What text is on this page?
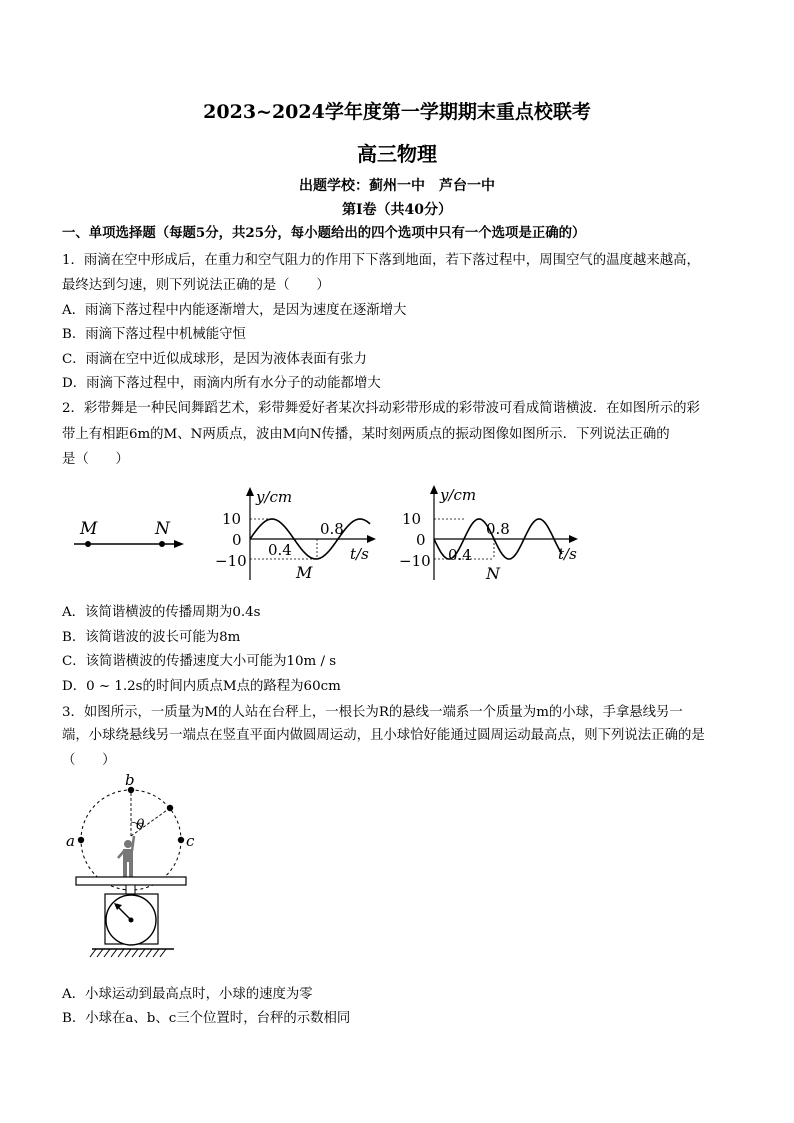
2023~2024学年度第一学期期末重点校联考
高三物理
出题学校：蓟州一中　芦台一中
第Ⅰ卷（共40分）
一、单项选择题（每题5分，共25分，每小题给出的四个选项中只有一个选项是正确的）
1．雨滴在空中形成后，在重力和空气阻力的作用下下落到地面，若下落过程中，周围空气的温度越来越高，
最终达到匀速，则下列说法正确的是（　　）
A．雨滴下落过程中内能逐渐增大，是因为速度在逐渐增大
B．雨滴下落过程中机械能守恒
C．雨滴在空中近似成球形，是因为液体表面有张力
D．雨滴下落过程中，雨滴内所有水分子的动能都增大
2．彩带舞是一种民间舞蹈艺术，彩带舞爱好者某次抖动彩带形成的彩带波可看成简谐横波．在如图所示的彩
带上有相距6m的M、N两质点，波由M向N传播，某时刻两质点的振动图像如图所示．下列说法正确的
是（　　）
M	N
y/cm
10
0
−10
0.4
0.8
t/s
M
y/cm
10
0
−10 0.4
0.8
t/s
N
A．该简谐横波的传播周期为0.4s
B．该简谐波的波长可能为8m
C．该简谐横波的传播速度大小可能为10m / s
D．0 ~ 1.2s的时间内质点M点的路程为60cm
3．如图所示，一质量为M的人站在台秤上，一根长为R的悬线一端系一个质量为m的小球，手拿悬线另一
端，小球绕悬线另一端点在竖直平面内做圆周运动，且小球恰好能通过圆周运动最高点，则下列说法正确的是
（　　）
b
a	c
θ
A．小球运动到最高点时，小球的速度为零
B．小球在a、b、c三个位置时，台秤的示数相同
